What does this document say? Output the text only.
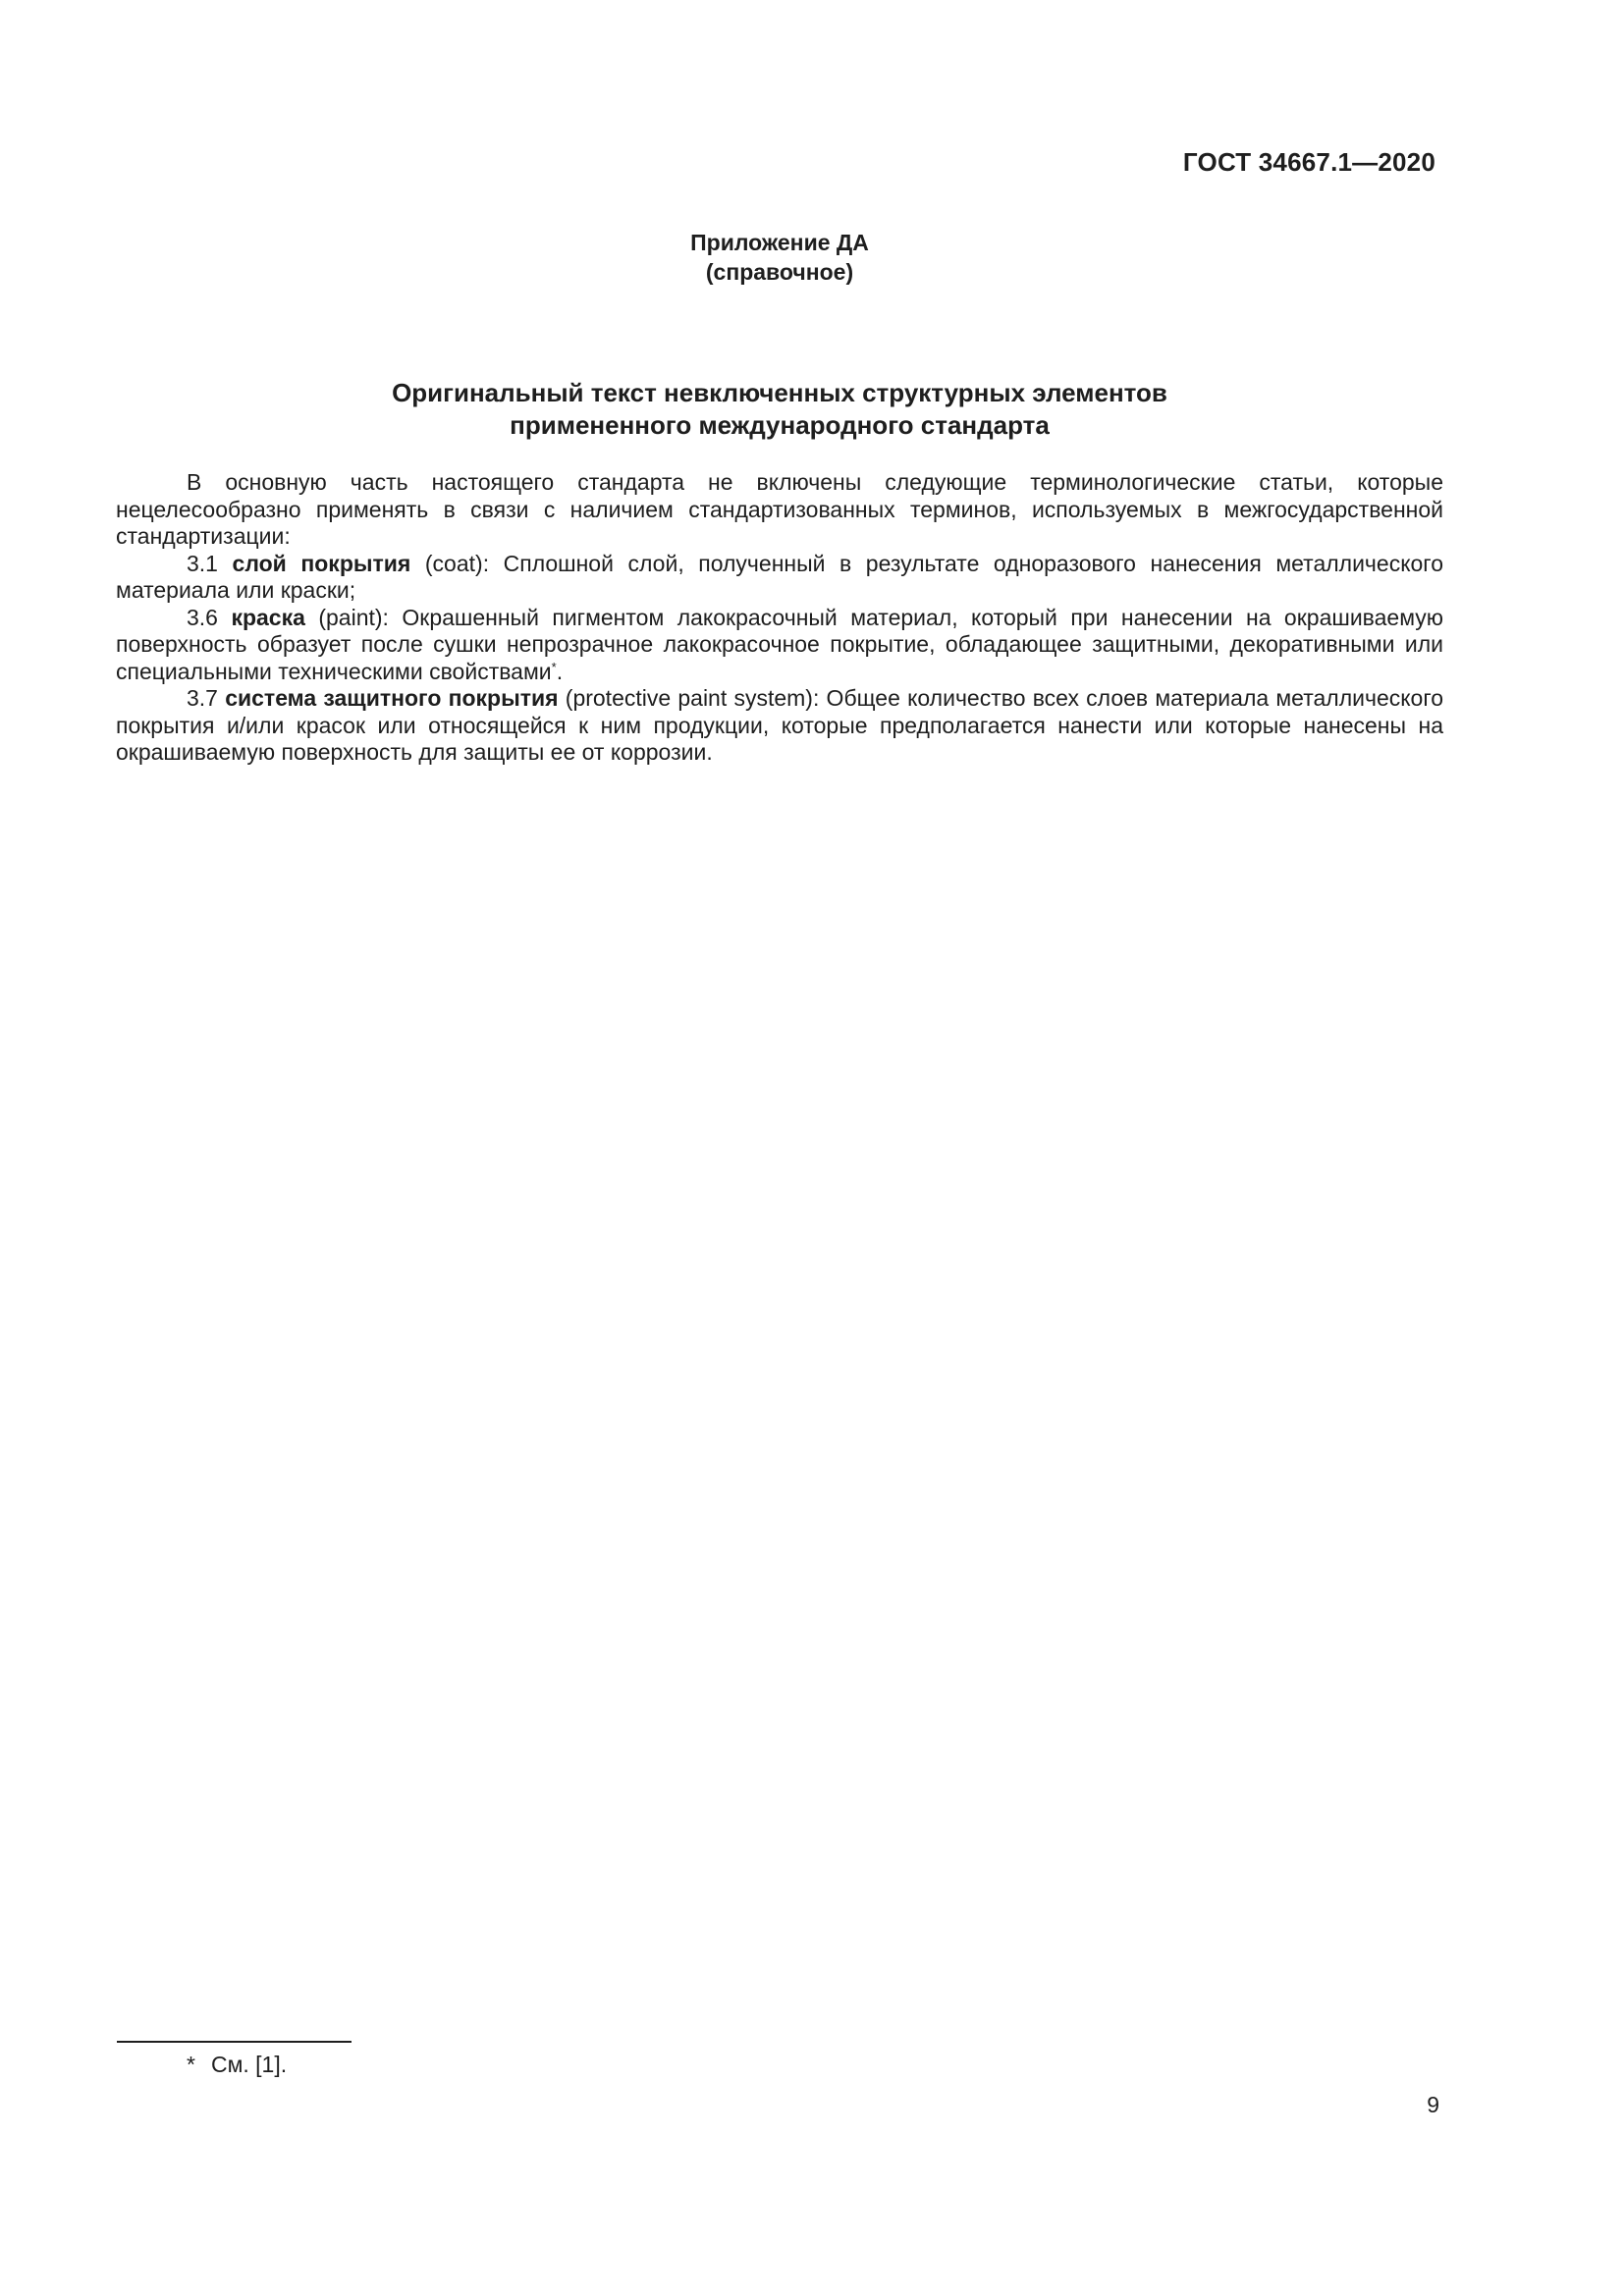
ГОСТ 34667.1—2020
Приложение ДА
(справочное)
Оригинальный текст невключенных структурных элементов
примененного международного стандарта

В основную часть настоящего стандарта не включены следующие терминологические статьи, которые нецелесообразно применять в связи с наличием стандартизованных терминов, используемых в межгосударственной стандартизации:

3.1 слой покрытия (coat): Сплошной слой, полученный в результате одноразового нанесения металлического материала или краски;

3.6 краска (paint): Окрашенный пигментом лакокрасочный материал, который при нанесении на окрашиваемую поверхность образует после сушки непрозрачное лакокрасочное покрытие, обладающее защитными, декоративными или специальными техническими свойствами*.

3.7 система защитного покрытия (protective paint system): Общее количество всех слоев материала металлического покрытия и/или красок или относящейся к ним продукции, которые предполагается нанести или которые нанесены на окрашиваемую поверхность для защиты ее от коррозии.

* См. [1].
9
